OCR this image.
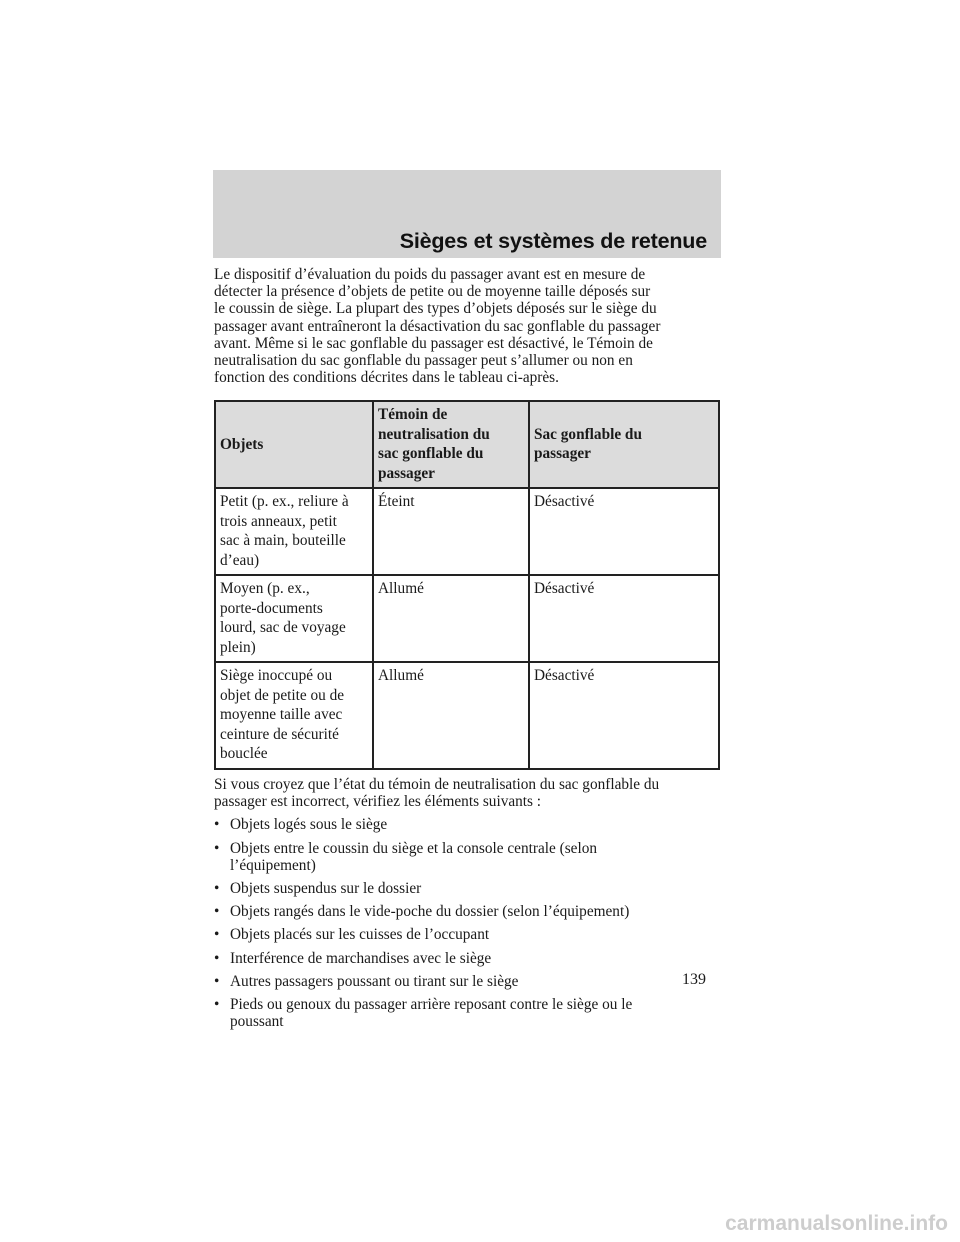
Sièges et systèmes de retenue

Le dispositif d’évaluation du poids du passager avant est en mesure de
détecter la présence d’objets de petite ou de moyenne taille déposés sur
le coussin de siège. La plupart des types d’objets déposés sur le siège du
passager avant entraîneront la désactivation du sac gonflable du passager
avant. Même si le sac gonflable du passager est désactivé, le Témoin de
neutralisation du sac gonflable du passager peut s’allumer ou non en
fonction des conditions décrites dans le tableau ci-après.

Objets	Témoin de
neutralisation du
sac gonflable du
passager	Sac gonflable du
passager
Petit (p. ex., reliure à
trois anneaux, petit
sac à main, bouteille
d’eau)	Éteint	Désactivé
Moyen (p. ex.,
porte-documents
lourd, sac de voyage
plein)	Allumé	Désactivé
Siège inoccupé ou
objet de petite ou de
moyenne taille avec
ceinture de sécurité
bouclée	Allumé	Désactivé

Si vous croyez que l’état du témoin de neutralisation du sac gonflable du
passager est incorrect, vérifiez les éléments suivants :

• Objets logés sous le siège
• Objets entre le coussin du siège et la console centrale (selon
l’équipement)
• Objets suspendus sur le dossier
• Objets rangés dans le vide-poche du dossier (selon l’équipement)
• Objets placés sur les cuisses de l’occupant
• Interférence de marchandises avec le siège
• Autres passagers poussant ou tirant sur le siège
• Pieds ou genoux du passager arrière reposant contre le siège ou le
poussant

139

carmanualsonline.info
